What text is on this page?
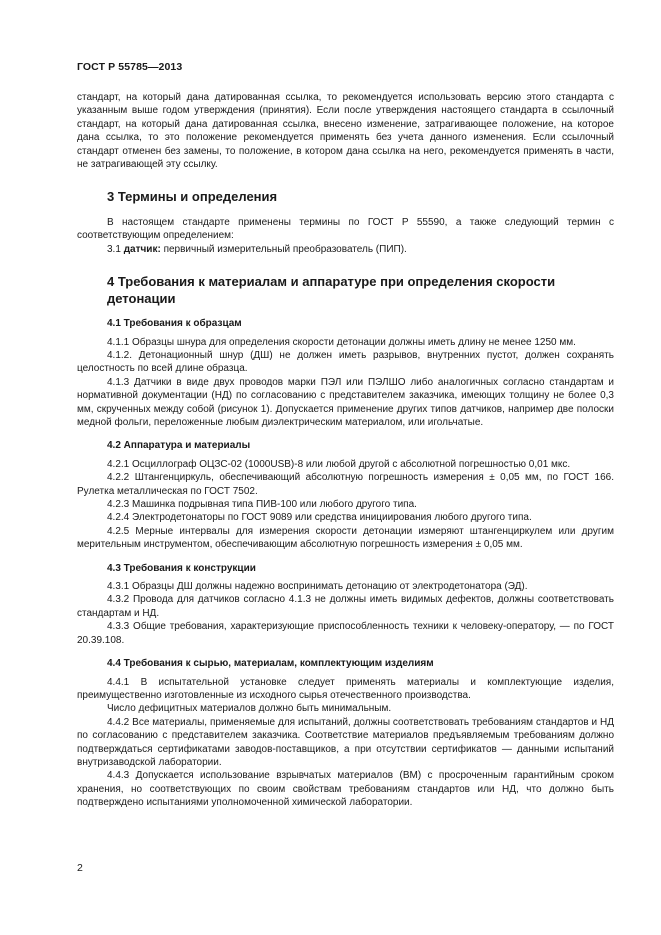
ГОСТ Р 55785—2013

стандарт, на который дана датированная ссылка, то рекомендуется использовать версию этого стандарта с указанным выше годом утверждения (принятия). Если после утверждения настоящего стандарта в ссылочный стандарт, на который дана датированная ссылка, внесено изменение, затрагивающее положение, на которое дана ссылка, то это положение рекомендуется применять без учета данного изменения. Если ссылочный стандарт отменен без замены, то положение, в котором дана ссылка на него, рекомендуется применять в части, не затрагивающей эту ссылку.

3 Термины и определения

В настоящем стандарте применены термины по ГОСТ Р 55590, а также следующий термин с соответствующим определением:

3.1 датчик: первичный измерительный преобразователь (ПИП).

4 Требования к материалам и аппаратуре при определения скорости детонации
4.1 Требования к образцам

4.1.1 Образцы шнура для определения скорости детонации должны иметь длину не менее 1250 мм.

4.1.2. Детонационный шнур (ДШ) не должен иметь разрывов, внутренних пустот, должен сохранять целостность по всей длине образца.

4.1.3 Датчики в виде двух проводов марки ПЭЛ или ПЭЛШО либо аналогичных согласно стандартам и нормативной документации (НД) по согласованию с представителем заказчика, имеющих толщину не более 0,3 мм, скрученных между собой (рисунок 1). Допускается применение других типов датчиков, например две полоски медной фольги, переложенные любым диэлектрическим материалом, или игольчатые.

4.2 Аппаратура и материалы

4.2.1 Осциллограф ОЦЗС-02 (1000USB)-8 или любой другой с абсолютной погрешностью 0,01 мкс.

4.2.2 Штангенциркуль, обеспечивающий абсолютную погрешность измерения ± 0,05 мм, по ГОСТ 166. Рулетка металлическая по ГОСТ 7502.

4.2.3 Машинка подрывная типа ПИВ-100 или любого другого типа.

4.2.4 Электродетонаторы по ГОСТ 9089 или средства инициирования любого другого типа.

4.2.5 Мерные интервалы для измерения скорости детонации измеряют штангенциркулем или другим мерительным инструментом, обеспечивающим абсолютную погрешность измерения ± 0,05 мм.

4.3 Требования к конструкции

4.3.1 Образцы ДШ должны надежно воспринимать детонацию от электродетонатора (ЭД).

4.3.2 Провода для датчиков согласно 4.1.3 не должны иметь видимых дефектов, должны соответствовать стандартам и НД.

4.3.3 Общие требования, характеризующие приспособленность техники к человеку-оператору, — по ГОСТ 20.39.108.

4.4 Требования к сырью, материалам, комплектующим изделиям

4.4.1 В испытательной установке следует применять материалы и комплектующие изделия, преимущественно изготовленные из исходного сырья отечественного производства.

Число дефицитных материалов должно быть минимальным.

4.4.2 Все материалы, применяемые для испытаний, должны соответствовать требованиям стандартов и НД по согласованию с представителем заказчика. Соответствие материалов предъявляемым требованиям должно подтверждаться сертификатами заводов-поставщиков, а при отсутствии сертификатов — данными испытаний внутризаводской лаборатории.

4.4.3 Допускается использование взрывчатых материалов (ВМ) с просроченным гарантийным сроком хранения, но соответствующих по своим свойствам требованиям стандартов или НД, что должно быть подтверждено испытаниями уполномоченной химической лаборатории.

2
